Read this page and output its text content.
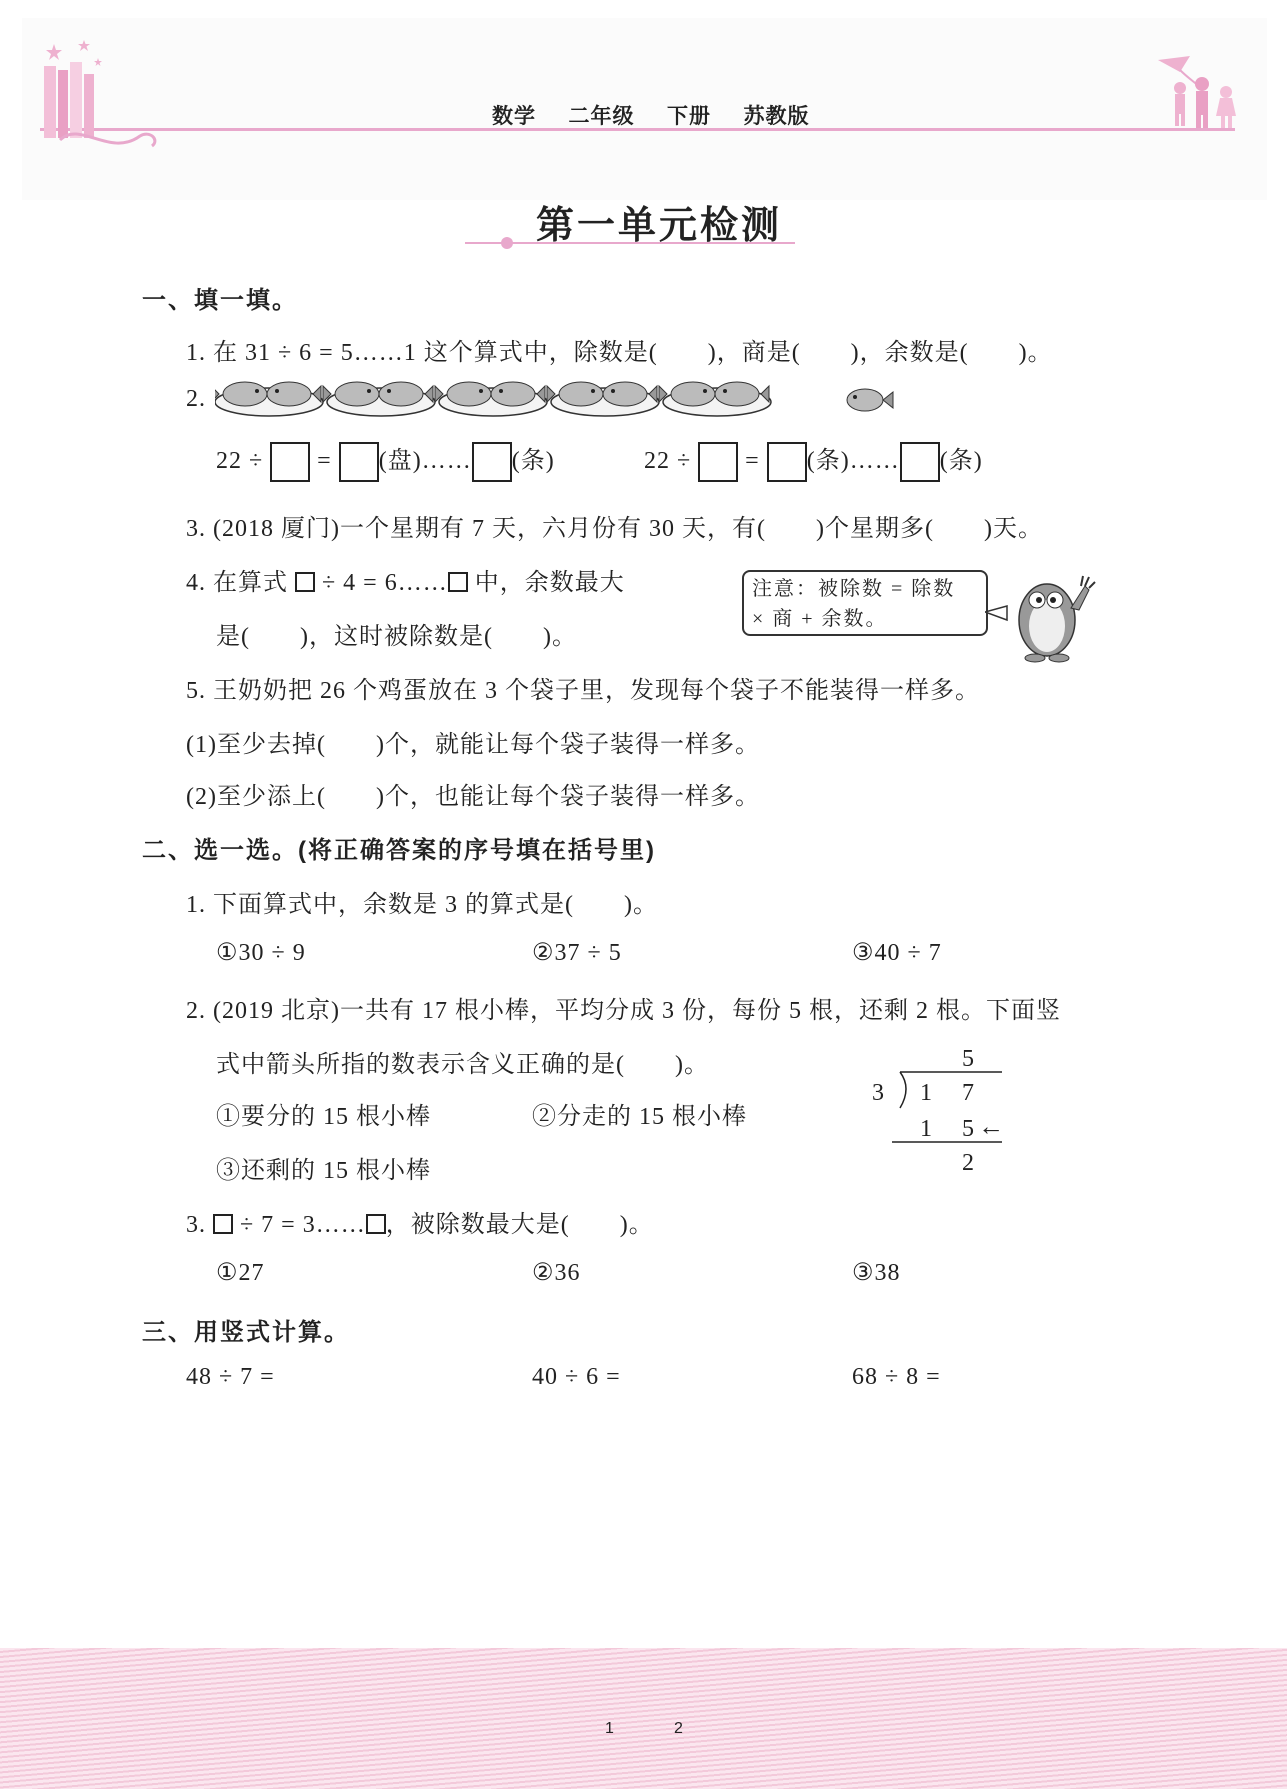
数学 二年级 下册 苏教版
第一单元检测
一、填一填。
1. 在 31 ÷ 6 = 5……1 这个算式中，除数是(　　)，商是(　　)，余数是(　　)。
2.
22 ÷ = (盘)…… (条)	22 ÷ = (条)…… (条)
3. (2018 厦门)一个星期有 7 天，六月份有 30 天，有(　　)个星期多(　　)天。
4. 在算式 ÷ 4 = 6…… 中，余数最大
是(　　)，这时被除数是(　　)。
注意：被除数 = 除数
× 商 + 余数。
5. 王奶奶把 26 个鸡蛋放在 3 个袋子里，发现每个袋子不能装得一样多。
(1)至少去掉(　　)个，就能让每个袋子装得一样多。
(2)至少添上(　　)个，也能让每个袋子装得一样多。
二、选一选。(将正确答案的序号填在括号里)
1. 下面算式中，余数是 3 的算式是(　　)。
①30 ÷ 9	②37 ÷ 5	③40 ÷ 7
2. (2019 北京)一共有 17 根小棒，平均分成 3 份，每份 5 根，还剩 2 根。下面竖
式中箭头所指的数表示含义正确的是(　　)。
①要分的 15 根小棒	②分走的 15 根小棒
③还剩的 15 根小棒
5
3 1 7
1 5 ←
2
3. ÷ 7 = 3…… ，被除数最大是(　　)。
①27	②36	③38
三、用竖式计算。
48 ÷ 7 =	40 ÷ 6 =	68 ÷ 8 =
1	2
